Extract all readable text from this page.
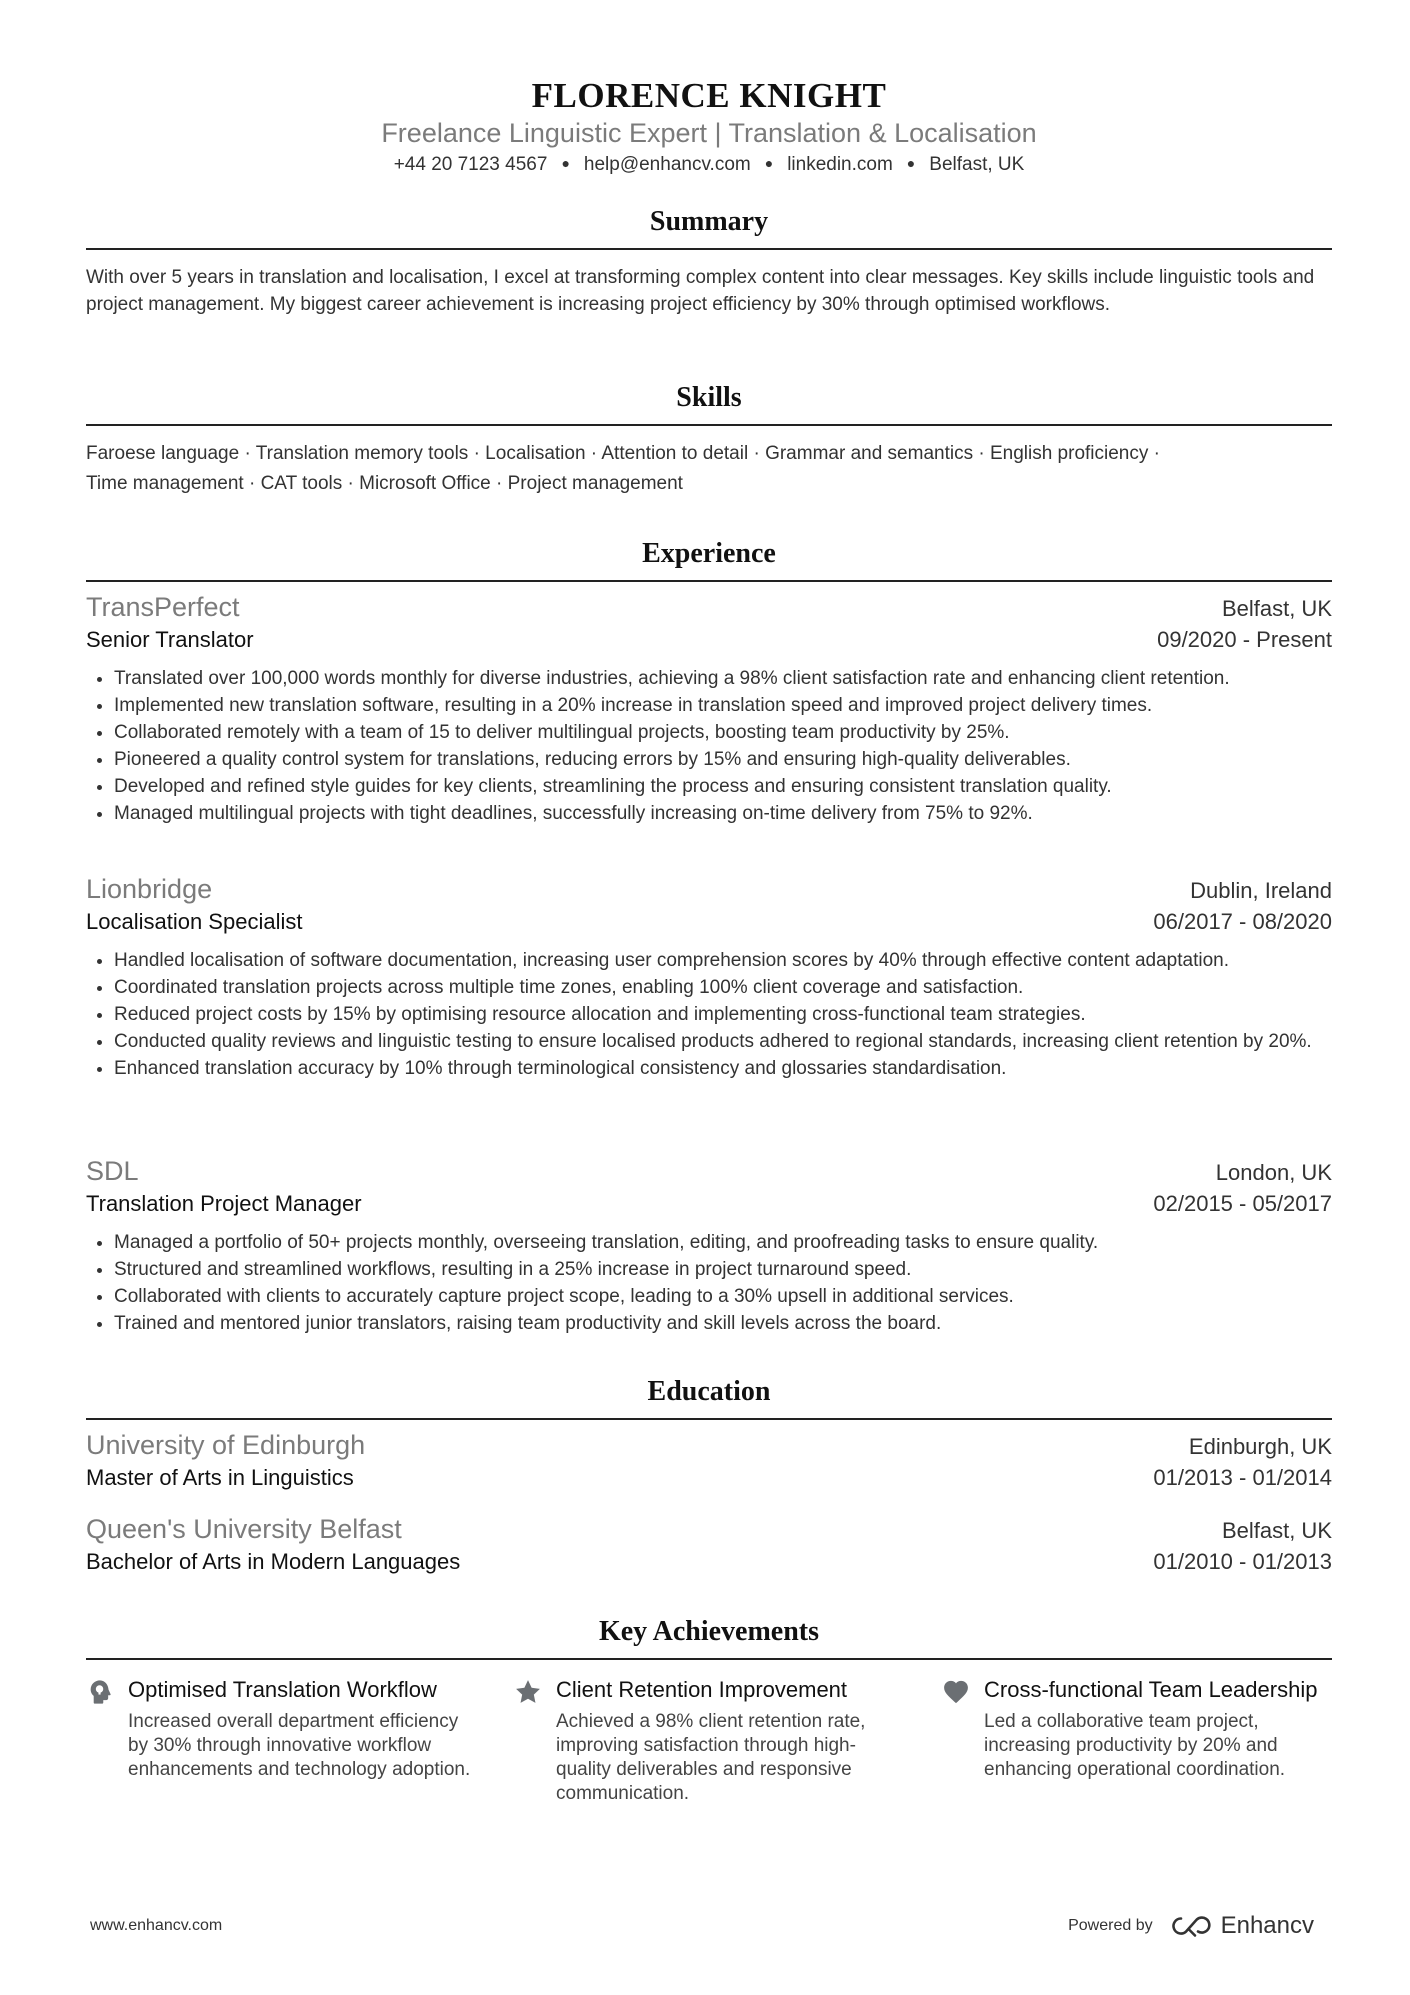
FLORENCE KNIGHT
Freelance Linguistic Expert | Translation & Localisation
+44 20 7123 4567 ● help@enhancv.com ● linkedin.com ● Belfast, UK
Summary
With over 5 years in translation and localisation, I excel at transforming complex content into clear messages. Key skills include linguistic tools and project management. My biggest career achievement is increasing project efficiency by 30% through optimised workflows.
Skills
Faroese language · Translation memory tools · Localisation · Attention to detail · Grammar and semantics · English proficiency ·
Time management · CAT tools · Microsoft Office · Project management
Experience
TransPerfect	Belfast, UK
Senior Translator	09/2020 - Present
• Translated over 100,000 words monthly for diverse industries, achieving a 98% client satisfaction rate and enhancing client retention.
• Implemented new translation software, resulting in a 20% increase in translation speed and improved project delivery times.
• Collaborated remotely with a team of 15 to deliver multilingual projects, boosting team productivity by 25%.
• Pioneered a quality control system for translations, reducing errors by 15% and ensuring high-quality deliverables.
• Developed and refined style guides for key clients, streamlining the process and ensuring consistent translation quality.
• Managed multilingual projects with tight deadlines, successfully increasing on-time delivery from 75% to 92%.
Lionbridge	Dublin, Ireland
Localisation Specialist	06/2017 - 08/2020
• Handled localisation of software documentation, increasing user comprehension scores by 40% through effective content adaptation.
• Coordinated translation projects across multiple time zones, enabling 100% client coverage and satisfaction.
• Reduced project costs by 15% by optimising resource allocation and implementing cross-functional team strategies.
• Conducted quality reviews and linguistic testing to ensure localised products adhered to regional standards, increasing client retention by 20%.
• Enhanced translation accuracy by 10% through terminological consistency and glossaries standardisation.
SDL	London, UK
Translation Project Manager	02/2015 - 05/2017
• Managed a portfolio of 50+ projects monthly, overseeing translation, editing, and proofreading tasks to ensure quality.
• Structured and streamlined workflows, resulting in a 25% increase in project turnaround speed.
• Collaborated with clients to accurately capture project scope, leading to a 30% upsell in additional services.
• Trained and mentored junior translators, raising team productivity and skill levels across the board.
Education
University of Edinburgh	Edinburgh, UK
Master of Arts in Linguistics	01/2013 - 01/2014
Queen's University Belfast	Belfast, UK
Bachelor of Arts in Modern Languages	01/2010 - 01/2013
Key Achievements
Optimised Translation Workflow
Increased overall department efficiency by 30% through innovative workflow enhancements and technology adoption.
Client Retention Improvement
Achieved a 98% client retention rate, improving satisfaction through high-quality deliverables and responsive communication.
Cross-functional Team Leadership
Led a collaborative team project, increasing productivity by 20% and enhancing operational coordination.
www.enhancv.com	Powered by	Enhancv
